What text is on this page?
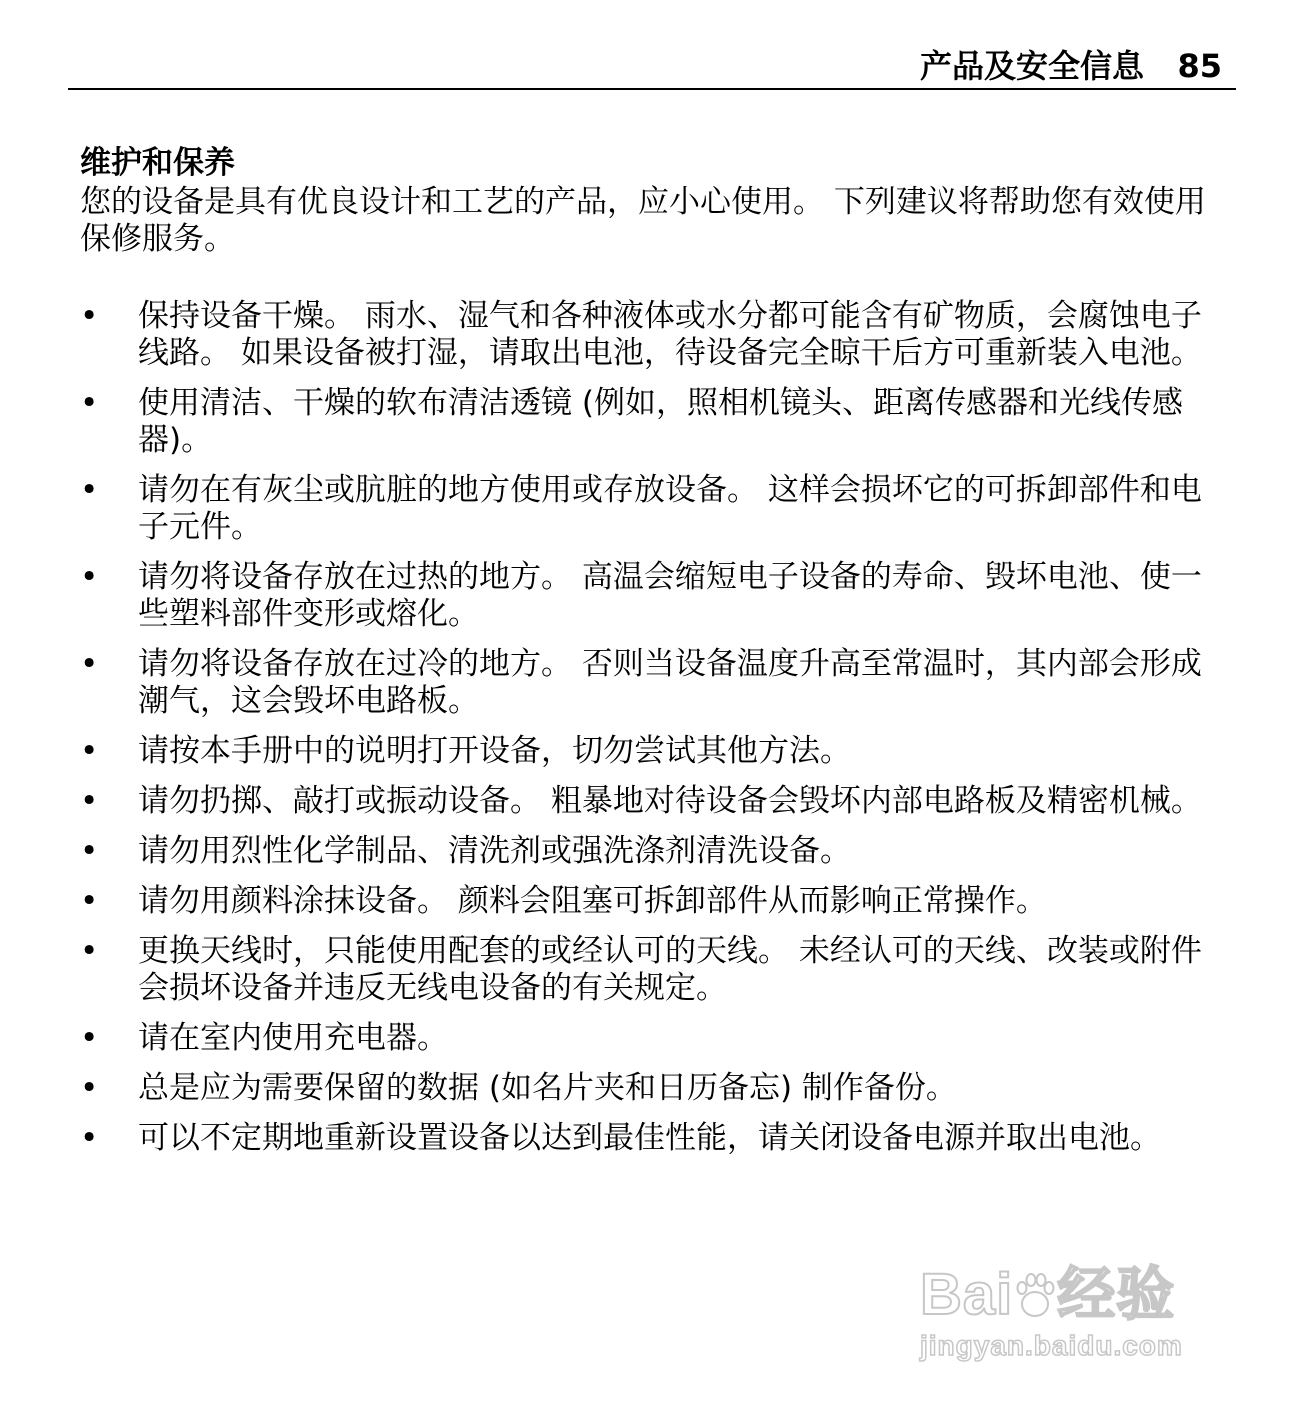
产品及安全信息 85
维护和保养

您的设备是具有优良设计和工艺的产品，应小心使用。 下列建议将帮助您有效使用保修服务。

• 保持设备干燥。 雨水、湿气和各种液体或水分都可能含有矿物质，会腐蚀电子线路。 如果设备被打湿，请取出电池，待设备完全晾干后方可重新装入电池。
• 使用清洁、干燥的软布清洁透镜 (例如，照相机镜头、距离传感器和光线传感器)。
• 请勿在有灰尘或肮脏的地方使用或存放设备。 这样会损坏它的可拆卸部件和电子元件。
• 请勿将设备存放在过热的地方。 高温会缩短电子设备的寿命、毁坏电池、使一些塑料部件变形或熔化。
• 请勿将设备存放在过冷的地方。 否则当设备温度升高至常温时，其内部会形成潮气，这会毁坏电路板。
• 请按本手册中的说明打开设备，切勿尝试其他方法。
• 请勿扔掷、敲打或振动设备。 粗暴地对待设备会毁坏内部电路板及精密机械。
• 请勿用烈性化学制品、清洗剂或强洗涤剂清洗设备。
• 请勿用颜料涂抹设备。 颜料会阻塞可拆卸部件从而影响正常操作。
• 更换天线时，只能使用配套的或经认可的天线。 未经认可的天线、改装或附件会损坏设备并违反无线电设备的有关规定。
• 请在室内使用充电器。
• 总是应为需要保留的数据 (如名片夹和日历备忘) 制作备份。
• 可以不定期地重新设置设备以达到最佳性能，请关闭设备电源并取出电池。
Bai 经验
jingyan.baidu.com
